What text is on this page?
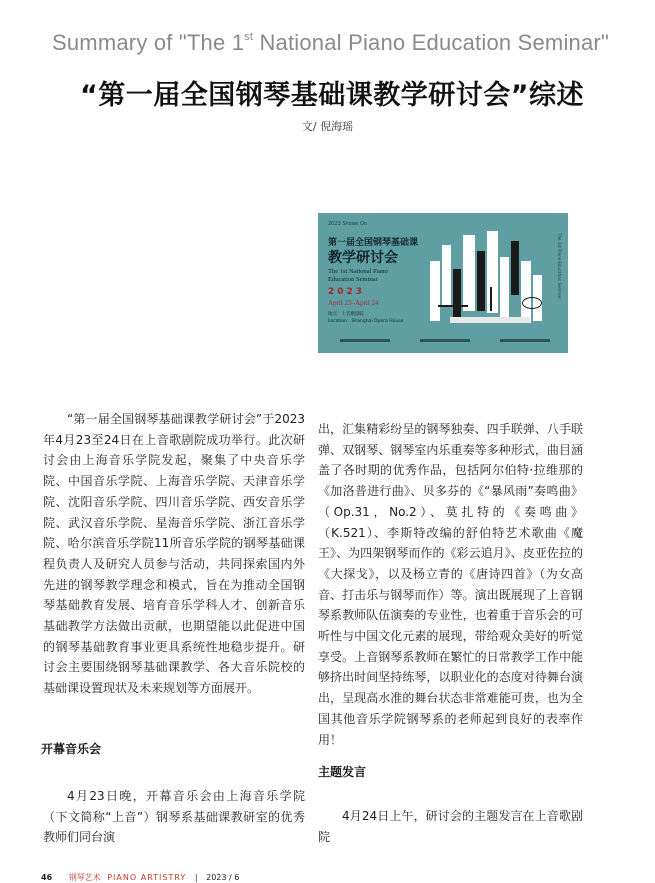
Summary of "The 1st National Piano Education Seminar"
“第一届全国钢琴基础课教学研讨会”综述
文/ 倪海瑶
2023 Shows On
第一届全国钢琴基础课
教学研讨会
The 1st National Piano
Education Seminar
2023
April 23–April 24
地点：上音歌剧院
Location：Shanghai Opera House
The 1st Piano Education Seminar

“第一届全国钢琴基础课教学研讨会”于2023年4月23至24日在上音歌剧院成功举行。此次研讨会由上海音乐学院发起，聚集了中央音乐学院、中国音乐学院、上海音乐学院、天津音乐学院、沈阳音乐学院、四川音乐学院、西安音乐学院、武汉音乐学院、星海音乐学院、浙江音乐学院、哈尔滨音乐学院11所音乐学院的钢琴基础课程负责人及研究人员参与活动，共同探索国内外先进的钢琴教学理念和模式，旨在为推动全国钢琴基础教育发展、培育音乐学科人才、创新音乐基础教学方法做出贡献，也期望能以此促进中国的钢琴基础教育事业更具系统性地稳步提升。研讨会主要围绕钢琴基础课教学、各大音乐院校的基础课设置现状及未来规划等方面展开。

开幕音乐会

4月23日晚，开幕音乐会由上海音乐学院（下文简称“上音”）钢琴系基础课教研室的优秀教师们同台演

出，汇集精彩纷呈的钢琴独奏、四手联弹、八手联弹、双钢琴、钢琴室内乐重奏等多种形式，曲目涵盖了各时期的优秀作品，包括阿尔伯特·拉维那的《加洛普进行曲》、贝多芬的《“暴风雨”奏鸣曲》（Op.31，No.2）、莫扎特的《奏鸣曲》（K.521）、李斯特改编的舒伯特艺术歌曲《魔王》、为四架钢琴而作的《彩云追月》、皮亚佐拉的《大探戈》，以及杨立青的《唐诗四首》（为女高音、打击乐与钢琴而作）等。演出既展现了上音钢琴系教师队伍演奏的专业性，也着重于音乐会的可听性与中国文化元素的展现，带给观众美好的听觉享受。上音钢琴系教师在繁忙的日常教学工作中能够挤出时间坚持练琴，以职业化的态度对待舞台演出，呈现高水准的舞台状态非常难能可贵，也为全国其他音乐学院钢琴系的老师起到良好的表率作用！

主题发言

4月24日上午，研讨会的主题发言在上音歌剧院

46 钢琴艺术 PIANO ARTISTRY | 2023 / 6
